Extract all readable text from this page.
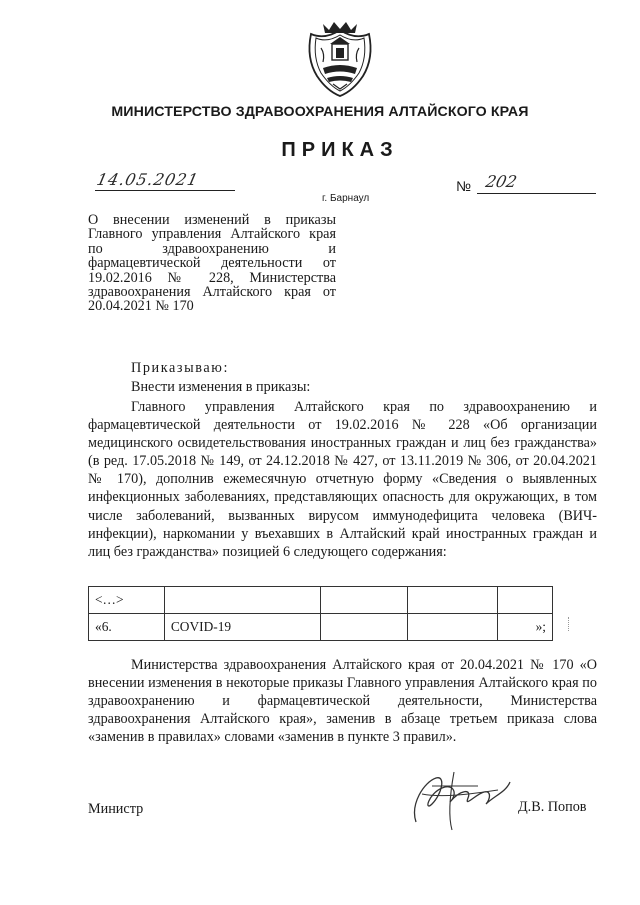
МИНИСТЕРСТВО ЗДРАВООХРАНЕНИЯ АЛТАЙСКОГО КРАЯ
ПРИКАЗ
14.05.2021
г. Барнаул
№ 202
О внесении изменений в приказы Главного управления Алтайского края по здравоохранению и фармацевтической деятельности от 19.02.2016 № 228, Министерства здравоохранения Алтайского края от 20.04.2021 № 170
Приказываю:
Внести изменения в приказы:
Главного управления Алтайского края по здравоохранению и фармацевтической деятельности от 19.02.2016 № 228 «Об организации медицинского освидетельствования иностранных граждан и лиц без гражданства» (в ред. 17.05.2018 № 149, от 24.12.2018 № 427, от 13.11.2019 № 306, от 20.04.2021 № 170), дополнив ежемесячную отчетную форму «Сведения о выявленных инфекционных заболеваниях, представляющих опасность для окружающих, в том числе заболеваний, вызванных вирусом иммунодефицита человека (ВИЧ-инфекции), наркомании у въехавших в Алтайский край иностранных граждан и лиц без гражданства» позицией 6 следующего содержания:
<…>				
«6.	COVID-19			»;
Министерства здравоохранения Алтайского края от 20.04.2021 № 170 «О внесении изменения в некоторые приказы Главного управления Алтайского края по здравоохранению и фармацевтической деятельности, Министерства здравоохранения Алтайского края», заменив в абзаце третьем приказа слова «заменив в правилах» словами «заменив в пункте 3 правил».
Министр	Д.В. Попов
